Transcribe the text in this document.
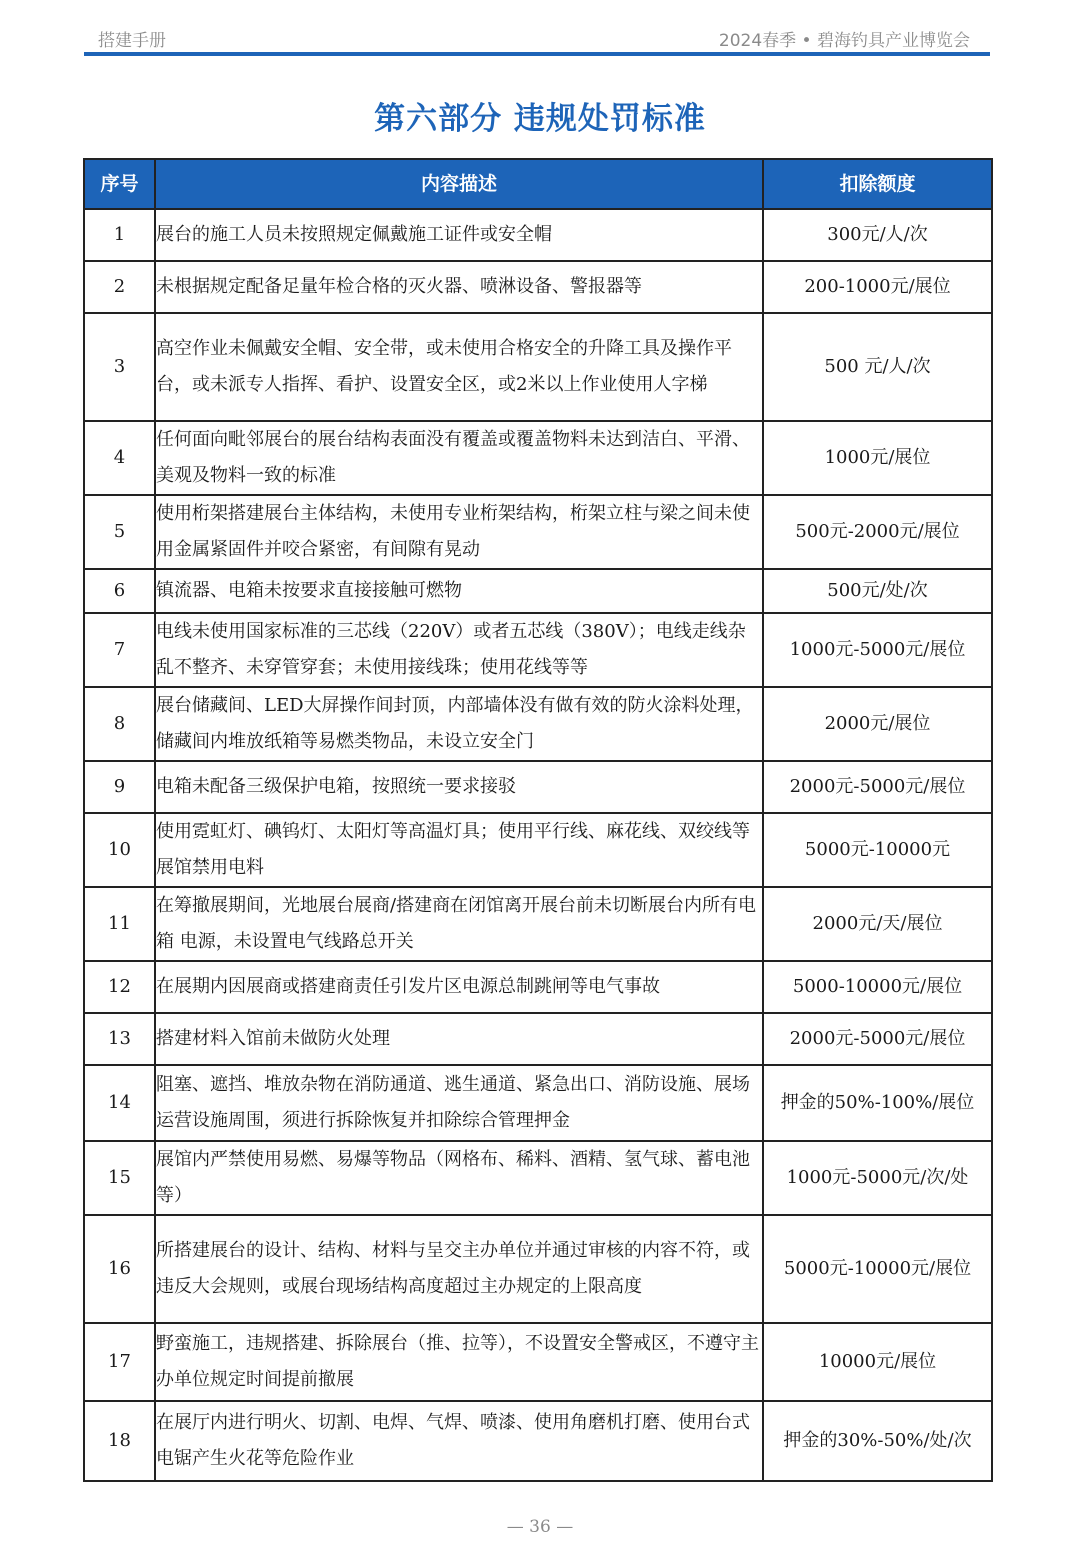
搭建手册	2024春季 • 碧海钓具产业博览会
第六部分 违规处罚标准
序号	内容描述	扣除额度
1	展台的施工人员未按照规定佩戴施工证件或安全帽	300元/人/次
2	未根据规定配备足量年检合格的灭火器、喷淋设备、警报器等	200-1000元/展位
3	高空作业未佩戴安全帽、安全带，或未使用合格安全的升降工具及操作平台，或未派专人指挥、看护、设置安全区，或2米以上作业使用人字梯	500 元/人/次
4	任何面向毗邻展台的展台结构表面没有覆盖或覆盖物料未达到洁白、平滑、美观及物料一致的标准	1000元/展位
5	使用桁架搭建展台主体结构，未使用专业桁架结构，桁架立柱与梁之间未使用金属紧固件并咬合紧密，有间隙有晃动	500元-2000元/展位
6	镇流器、电箱未按要求直接接触可燃物	500元/处/次
7	电线未使用国家标准的三芯线（220V）或者五芯线（380V）；电线走线杂乱不整齐、未穿管穿套；未使用接线珠；使用花线等等	1000元-5000元/展位
8	展台储藏间、LED大屏操作间封顶，内部墙体没有做有效的防火涂料处理，储藏间内堆放纸箱等易燃类物品，未设立安全门	2000元/展位
9	电箱未配备三级保护电箱，按照统一要求接驳	2000元-5000元/展位
10	使用霓虹灯、碘钨灯、太阳灯等高温灯具；使用平行线、麻花线、双绞线等展馆禁用电料	5000元-10000元
11	在筹撤展期间，光地展台展商/搭建商在闭馆离开展台前未切断展台内所有电箱 电源，未设置电气线路总开关	2000元/天/展位
12	在展期内因展商或搭建商责任引发片区电源总制跳闸等电气事故	5000-10000元/展位
13	搭建材料入馆前未做防火处理	2000元-5000元/展位
14	阻塞、遮挡、堆放杂物在消防通道、逃生通道、紧急出口、消防设施、展场运营设施周围，须进行拆除恢复并扣除综合管理押金	押金的50%-100%/展位
15	展馆内严禁使用易燃、易爆等物品（网格布、稀料、酒精、氢气球、蓄电池等）	1000元-5000元/次/处
16	所搭建展台的设计、结构、材料与呈交主办单位并通过审核的内容不符，或违反大会规则，或展台现场结构高度超过主办规定的上限高度	5000元-10000元/展位
17	野蛮施工，违规搭建、拆除展台（推、拉等），不设置安全警戒区，不遵守主办单位规定时间提前撤展	10000元/展位
18	在展厅内进行明火、切割、电焊、气焊、喷漆、使用角磨机打磨、使用台式电锯产生火花等危险作业	押金的30%-50%/处/次
— 36 —
